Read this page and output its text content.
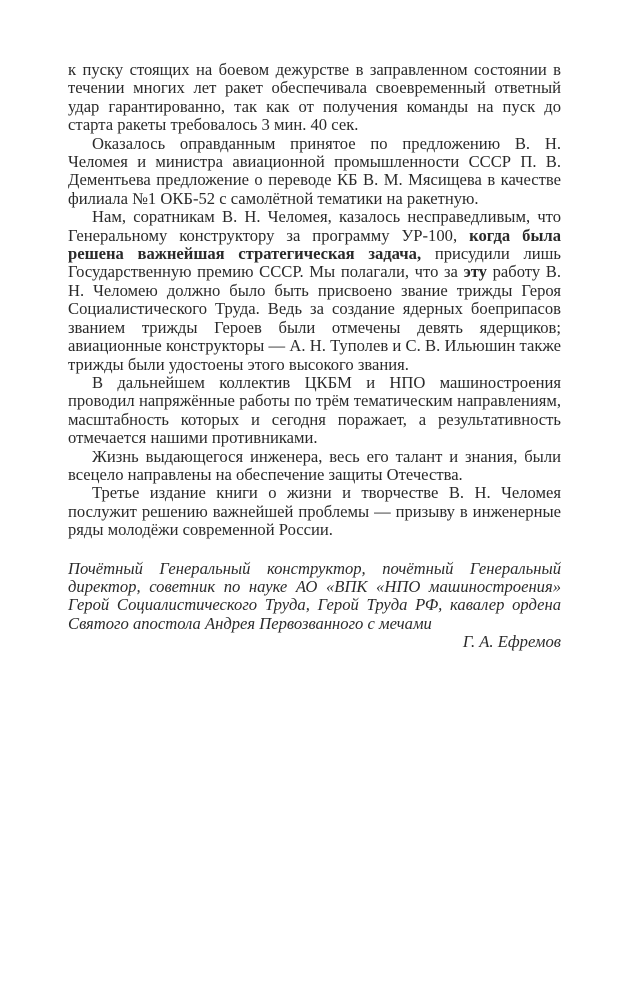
к пуску стоящих на боевом дежурстве в заправленном состоянии в течении многих лет ракет обеспечивала своевременный ответный удар гарантированно, так как от получения команды на пуск до старта ракеты требовалось 3 мин. 40 сек.

Оказалось оправданным принятое по предложению В. Н. Челомея и министра авиационной промышленности СССР П. В. Дементьева предложение о переводе КБ В. М. Мясищева в качестве филиала №1 ОКБ-52 с самолётной тематики на ракетную.

Нам, соратникам В. Н. Челомея, казалось несправедливым, что Генеральному конструктору за программу УР-100, когда была решена важнейшая стратегическая задача, присудили лишь Государственную премию СССР. Мы полагали, что за эту работу В. Н. Челомею должно было быть присвоено звание трижды Героя Социалистического Труда. Ведь за создание ядерных боеприпасов званием трижды Героев были отмечены девять ядерщиков; авиационные конструкторы — А. Н. Туполев и С. В. Ильюшин также трижды были удостоены этого высокого звания.

В дальнейшем коллектив ЦКБМ и НПО машиностроения проводил напряжённые работы по трём тематическим направлениям, масштабность которых и сегодня поражает, а результативность отмечается нашими противниками.

Жизнь выдающегося инженера, весь его талант и знания, были всецело направлены на обеспечение защиты Отечества.

Третье издание книги о жизни и творчестве В. Н. Челомея послужит решению важнейшей проблемы — призыву в инженерные ряды молодёжи современной России.

Почётный Генеральный конструктор, почётный Генеральный директор, советник по науке АО «ВПК «НПО машиностроения» Герой Социалистического Труда, Герой Труда РФ, кавалер ордена Святого апостола Андрея Первозванного с мечами

Г. А. Ефремов
